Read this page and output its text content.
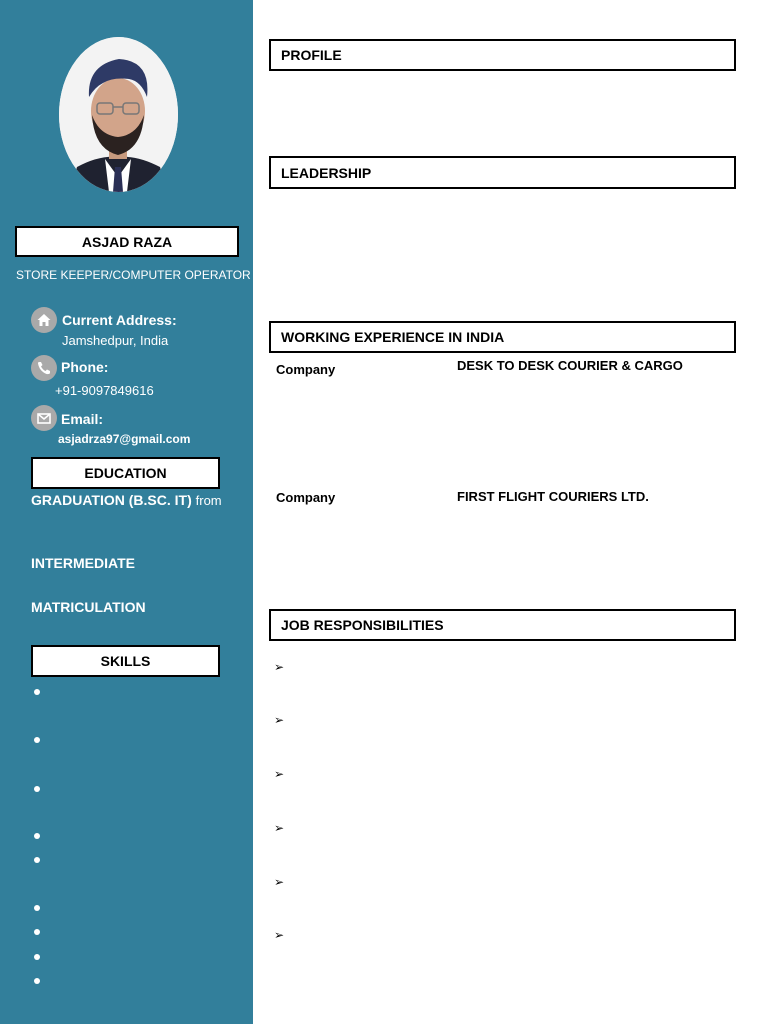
ASJAD RAZA
STORE KEEPER/COMPUTER OPERATOR
Current Address:
Jamshedpur, India
Phone:
+91-9097849616
Email:
asjadrza97@gmail.com
EDUCATION
GRADUATION (B.SC. IT) from
INTERMEDIATE
MATRICULATION
SKILLS
PROFILE
LEADERSHIP
WORKING EXPERIENCE IN INDIA
Company	DESK TO DESK COURIER & CARGO
Company	FIRST FLIGHT COURIERS LTD.
JOB RESPONSIBILITIES
➢
➢
➢
➢
➢
➢
